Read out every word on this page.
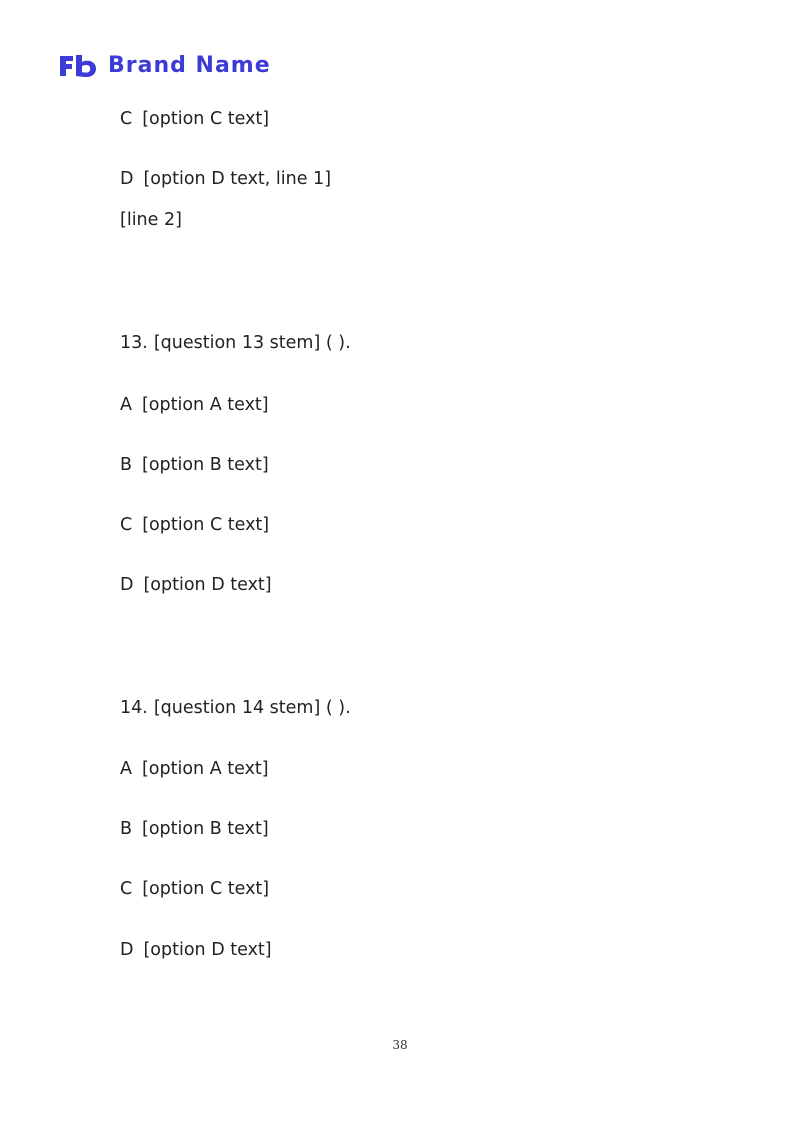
Brand Name
C [option C text]
D [option D text, line 1]
[line 2]
13. [question 13 stem] ( ).
A [option A text]
B [option B text]
C [option C text]
D [option D text]
14. [question 14 stem] ( ).
A [option A text]
B [option B text]
C [option C text]
D [option D text]
38
